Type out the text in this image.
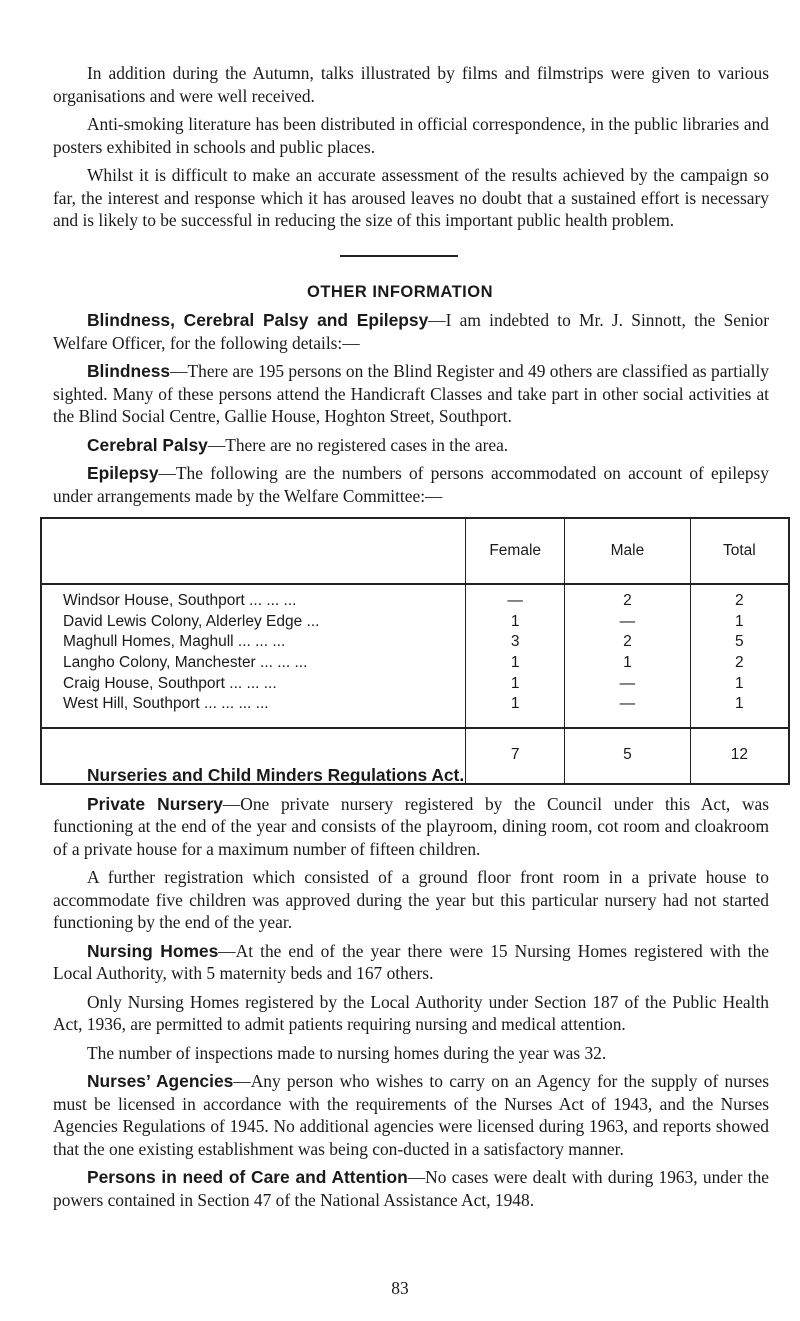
In addition during the Autumn, talks illustrated by films and filmstrips were given to various organisations and were well received.

Anti-smoking literature has been distributed in official correspondence, in the public libraries and posters exhibited in schools and public places.

Whilst it is difficult to make an accurate assessment of the results achieved by the campaign so far, the interest and response which it has aroused leaves no doubt that a sustained effort is necessary and is likely to be successful in reducing the size of this important public health problem.

OTHER INFORMATION

Blindness, Cerebral Palsy and Epilepsy—I am indebted to Mr. J. Sinnott, the Senior Welfare Officer, for the following details:—

Blindness—There are 195 persons on the Blind Register and 49 others are classified as partially sighted. Many of these persons attend the Handicraft Classes and take part in other social activities at the Blind Social Centre, Gallie House, Hoghton Street, Southport.

Cerebral Palsy—There are no registered cases in the area.

Epilepsy—The following are the numbers of persons accommodated on account of epilepsy under arrangements made by the Welfare Committee:—

	Female	Male	Total
Windsor House, Southport ... ... ...	—	2	2
David Lewis Colony, Alderley Edge ...	1	—	1
Maghull Homes, Maghull ... ... ...	3	2	5
Langho Colony, Manchester ... ... ...	1	1	2
Craig House, Southport ... ... ...	1	—	1
West Hill, Southport ... ... ... ...	1	—	1
	7	5	12

Nurseries and Child Minders Regulations Act.

Private Nursery—One private nursery registered by the Council under this Act, was functioning at the end of the year and consists of the playroom, dining room, cot room and cloakroom of a private house for a maximum number of fifteen children.

A further registration which consisted of a ground floor front room in a private house to accommodate five children was approved during the year but this particular nursery had not started functioning by the end of the year.

Nursing Homes—At the end of the year there were 15 Nursing Homes registered with the Local Authority, with 5 maternity beds and 167 others.

Only Nursing Homes registered by the Local Authority under Section 187 of the Public Health Act, 1936, are permitted to admit patients requiring nursing and medical attention.

The number of inspections made to nursing homes during the year was 32.

Nurses’ Agencies—Any person who wishes to carry on an Agency for the supply of nurses must be licensed in accordance with the requirements of the Nurses Act of 1943, and the Nurses Agencies Regulations of 1945. No additional agencies were licensed during 1963, and reports showed that the one existing establishment was being con-ducted in a satisfactory manner.

Persons in need of Care and Attention—No cases were dealt with during 1963, under the powers contained in Section 47 of the National Assistance Act, 1948.

83
